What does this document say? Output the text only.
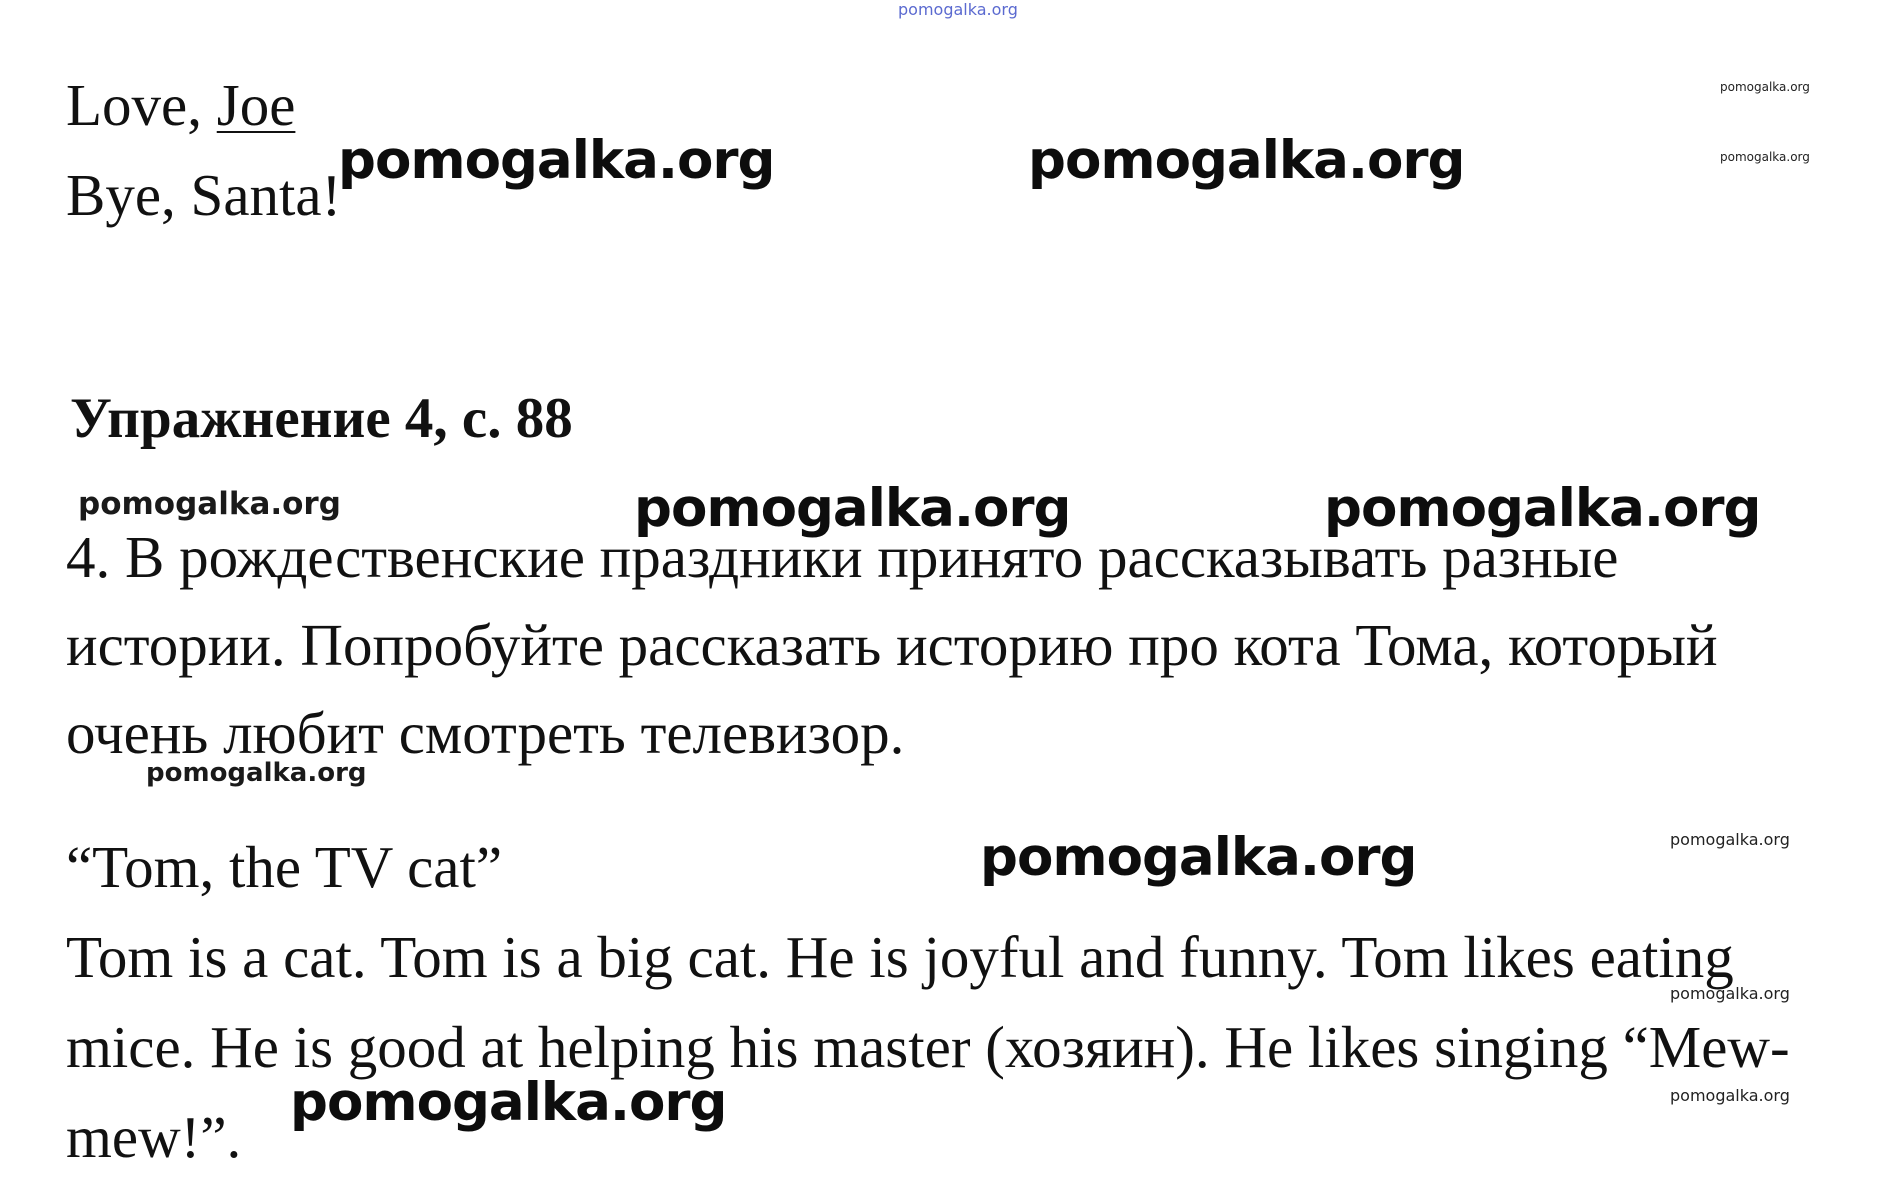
pomogalka.org
Love, Joe
Bye, Santa!
Упражнение 4, с. 88
4. В рождественские праздники принято рассказывать разные
истории. Попробуйте рассказать историю про кота Тома, который
очень любит смотреть телевизор.
“Tom, the TV cat”
Tom is a cat. Tom is a big cat. He is joyful and funny. Tom likes eating
mice. He is good at helping his master (хозяин). He likes singing “Mew-
mew!”.
pomogalka.org	pomogalka.org
pomogalka.org	pomogalka.org
pomogalka.org
pomogalka.org
pomogalka.org
pomogalka.org
pomogalka.org
pomogalka.org
pomogalka.org
pomogalka.org
pomogalka.org
